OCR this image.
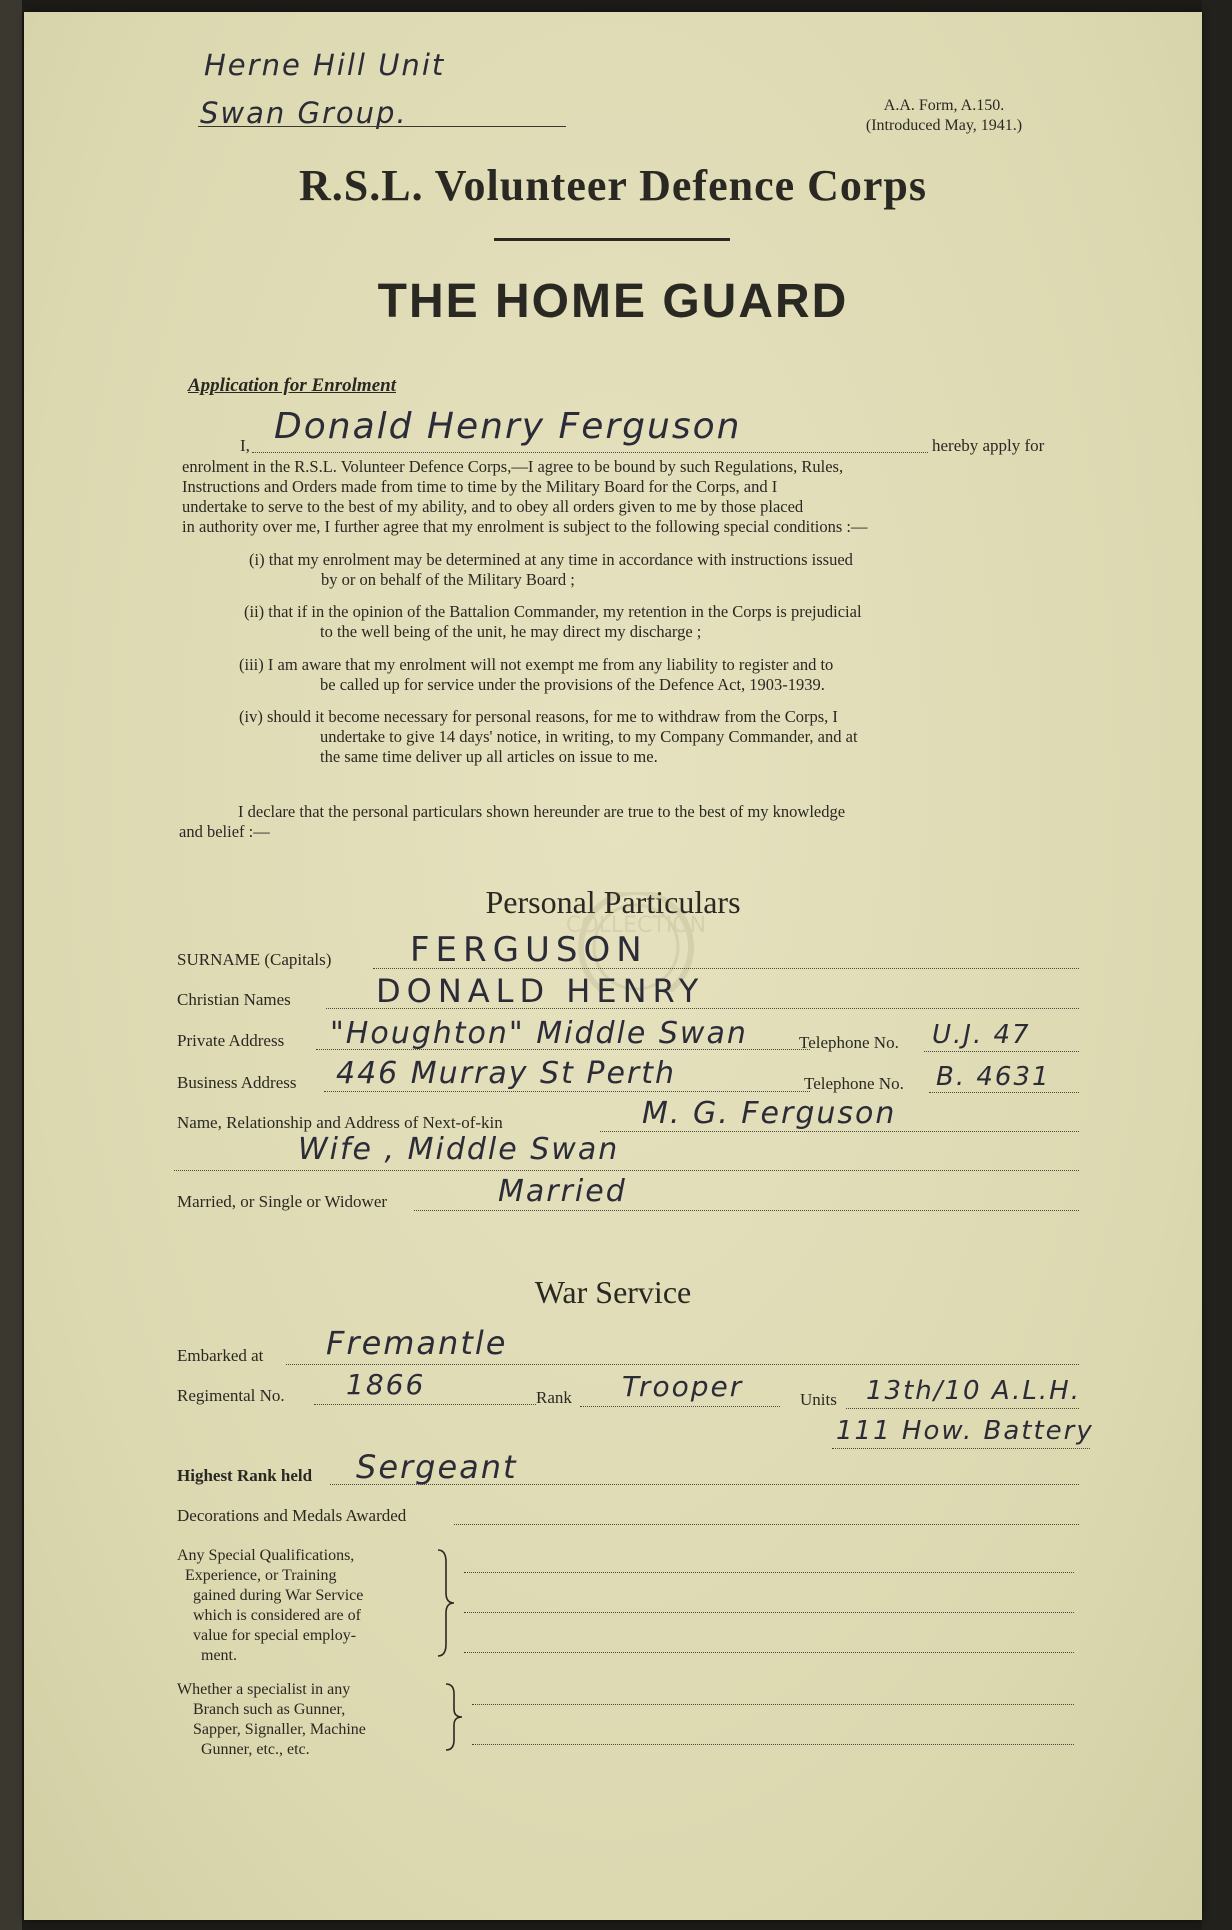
Herne Hill Unit
Swan Group.	A.A. Form, A.150.
(Introduced May, 1941.)
R.S.L. Volunteer Defence Corps
THE HOME GUARD
Application for Enrolment
I, Donald Henry Ferguson	hereby apply for
enrolment in the R.S.L. Volunteer Defence Corps,—I agree to be bound by such Regulations, Rules,
Instructions and Orders made from time to time by the Military Board for the Corps, and I
undertake to serve to the best of my ability, and to obey all orders given to me by those placed
in authority over me, I further agree that my enrolment is subject to the following special conditions :—
(i) that my enrolment may be determined at any time in accordance with instructions issued
by or on behalf of the Military Board ;
(ii) that if in the opinion of the Battalion Commander, my retention in the Corps is prejudicial
to the well being of the unit, he may direct my discharge ;
(iii) I am aware that my enrolment will not exempt me from any liability to register and to
be called up for service under the provisions of the Defence Act, 1903-1939.
(iv) should it become necessary for personal reasons, for me to withdraw from the Corps, I
undertake to give 14 days' notice, in writing, to my Company Commander, and at
the same time deliver up all articles on issue to me.
I declare that the personal particulars shown hereunder are true to the best of my knowledge
and belief :—
Personal Particulars
COLLECTION
SURNAME (Capitals) FERGUSON
Christian Names	DONALD HENRY
Private Address "Houghton" Middle Swan	Telephone No. U.J. 47
Business Address 446 Murray St Perth	Telephone No. B. 4631
Name, Relationship and Address of Next-of-kin	M. G. Ferguson
Wife , Middle Swan
Married, or Single or Widower	Married
War Service
Embarked at Fremantle
Regimental No. 1866	Rank Trooper	Units 13th/10 A.L.H.
111 How. Battery
Highest Rank held Sergeant
Decorations and Medals Awarded
Any Special Qualifications,
Experience, or Training
gained during War Service
which is considered are of
value for special employ-
ment.
Whether a specialist in any
Branch such as Gunner,
Sapper, Signaller, Machine
Gunner, etc., etc.
